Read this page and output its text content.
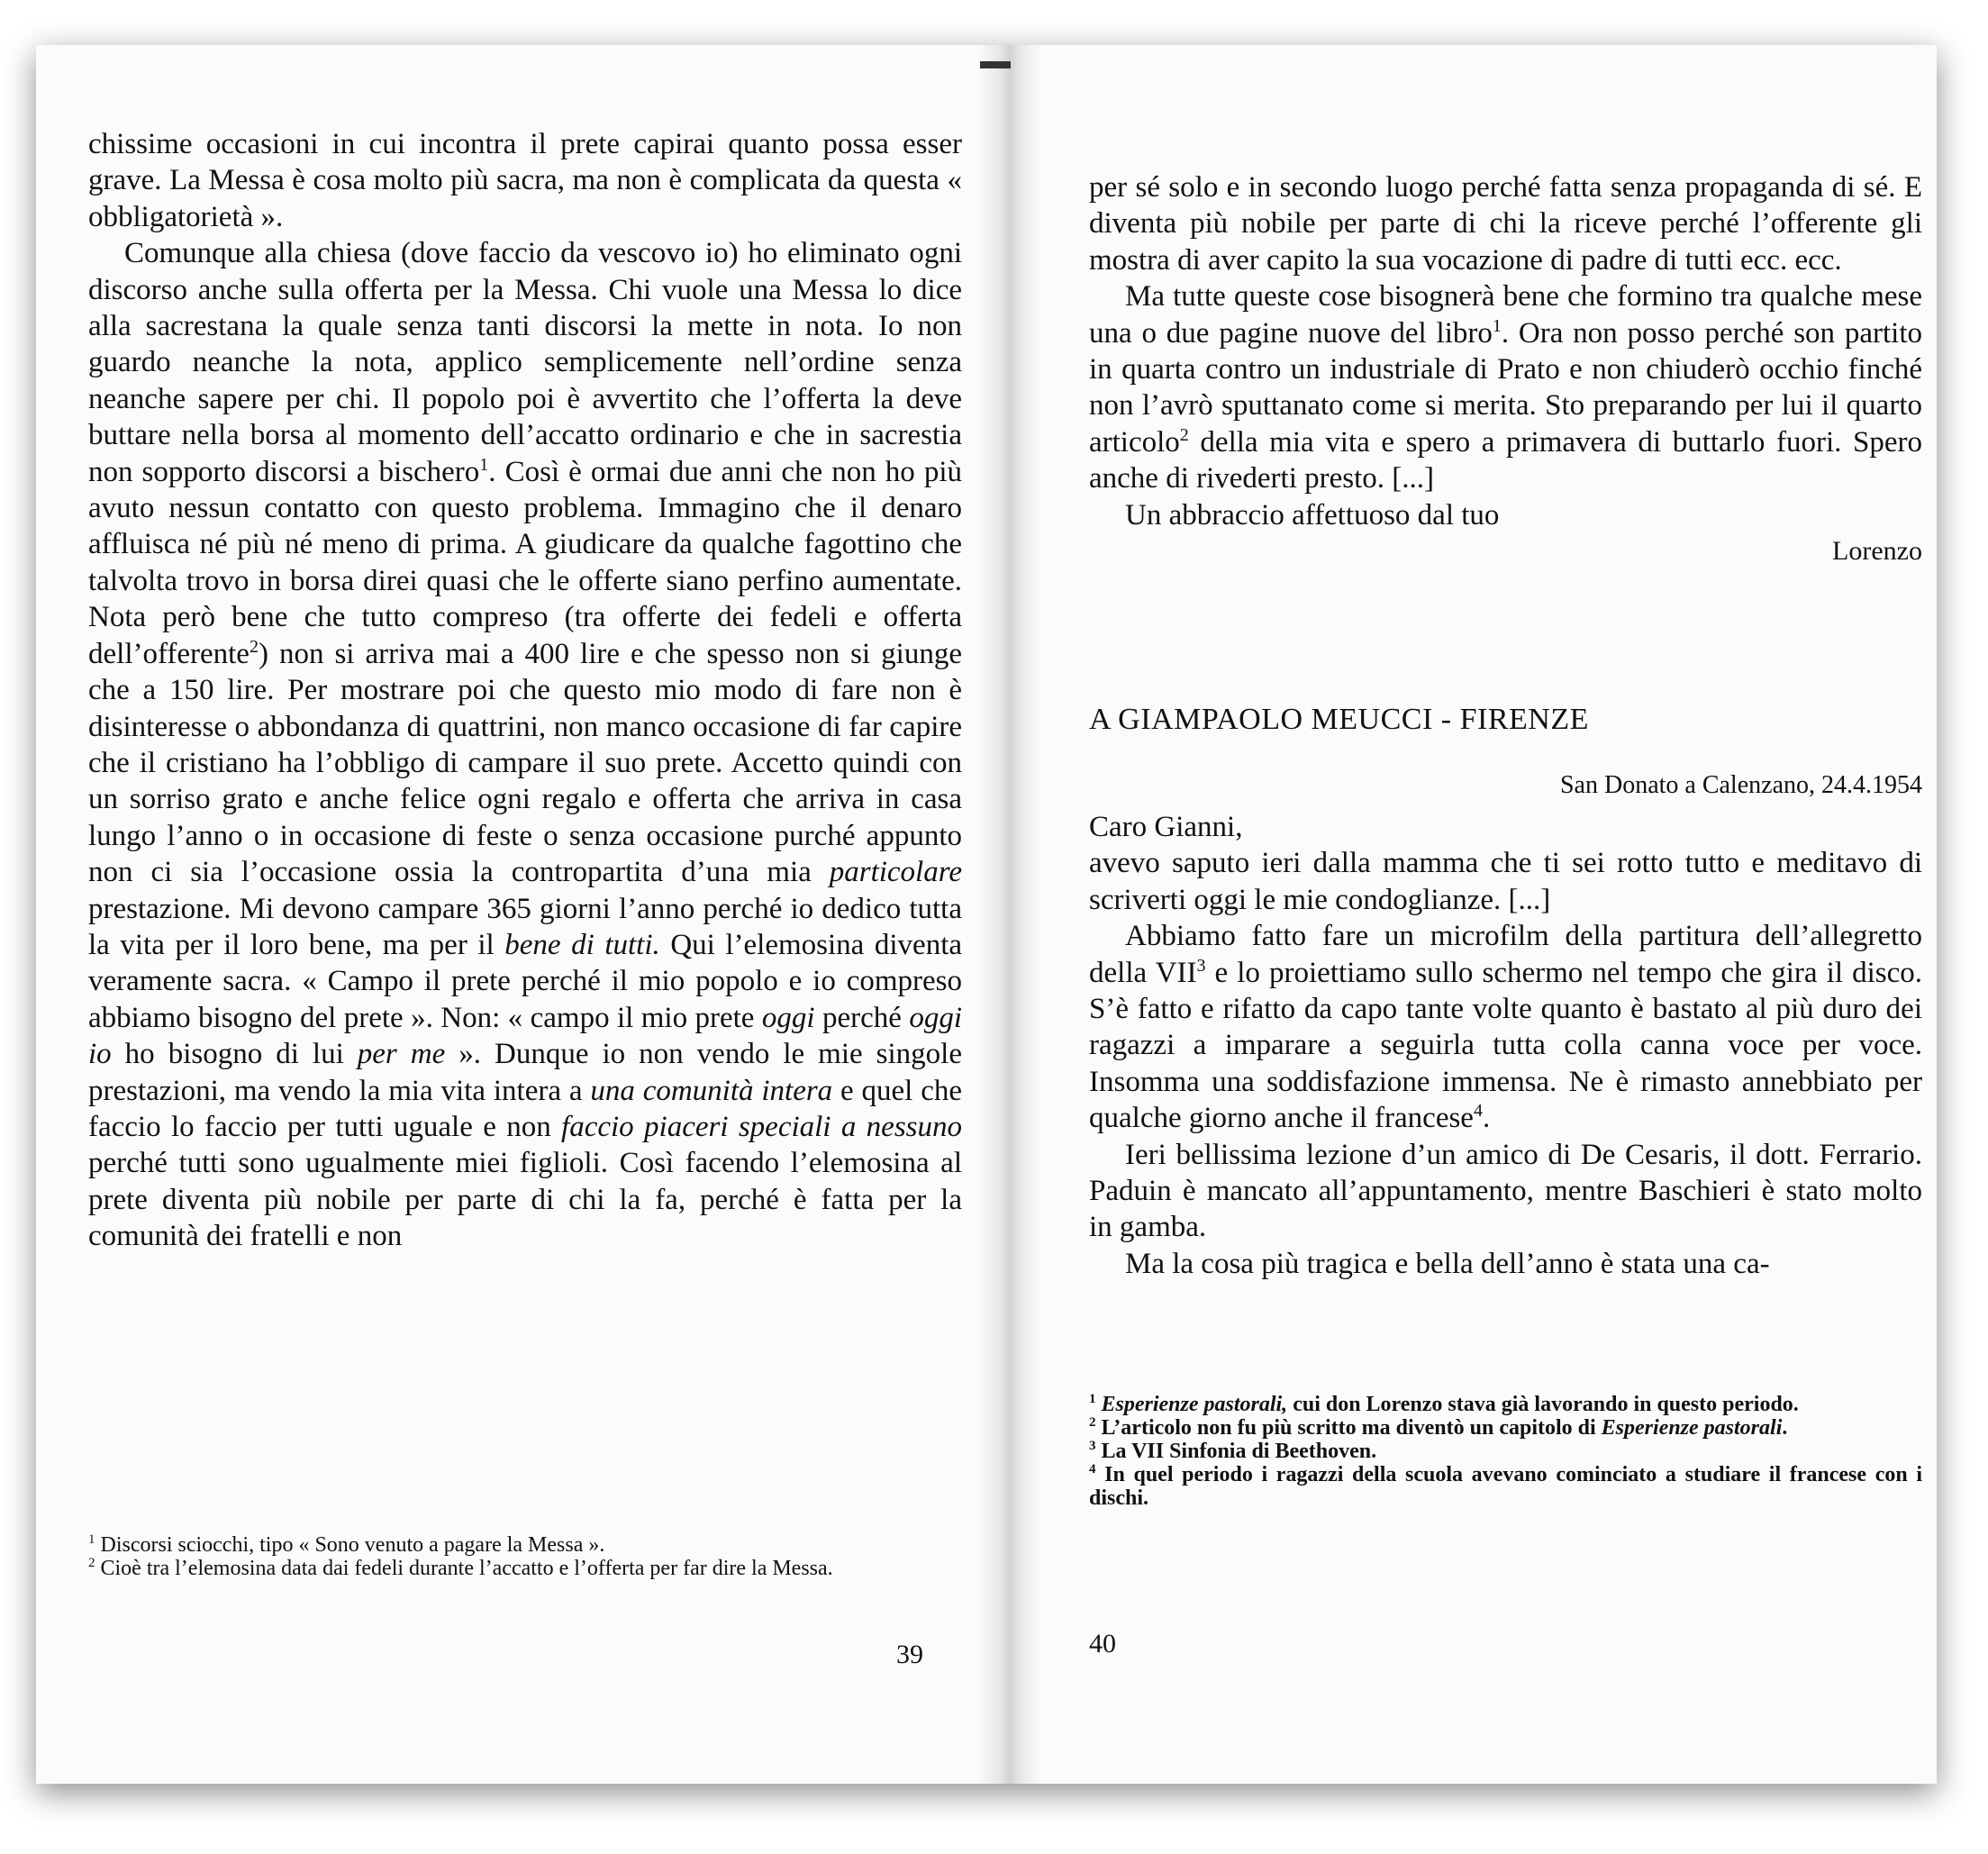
chissime occasioni in cui incontra il prete capirai quanto possa esser grave. La Messa è cosa molto più sacra, ma non è complicata da questa « obbligatorietà ».

Comunque alla chiesa (dove faccio da vescovo io) ho eliminato ogni discorso anche sulla offerta per la Messa. Chi vuole una Messa lo dice alla sacrestana la quale senza tanti discorsi la mette in nota. Io non guardo neanche la nota, applico semplicemente nell’ordine senza neanche sapere per chi. Il popolo poi è avvertito che l’offerta la deve buttare nella borsa al momento dell’accatto ordinario e che in sacrestia non sopporto discorsi a bischero$^1$. Così è ormai due anni che non ho più avuto nessun contatto con questo problema. Immagino che il denaro affluisca né più né meno di prima. A giudicare da qualche fagottino che talvolta trovo in borsa direi quasi che le offerte siano perfino aumentate. Nota però bene che tutto compreso (tra offerte dei fedeli e offerta dell’offerente$^2$) non si arriva mai a 400 lire e che spesso non si giunge che a 150 lire. Per mostrare poi che questo mio modo di fare non è disinteresse o abbondanza di quattrini, non manco occasione di far capire che il cristiano ha l’obbligo di campare il suo prete. Accetto quindi con un sorriso grato e anche felice ogni regalo e offerta che arriva in casa lungo l’anno o in occasione di feste o senza occasione purché appunto non ci sia l’occasione ossia la contropartita d’una mia particolare prestazione. Mi devono campare 365 giorni l’anno perché io dedico tutta la vita per il loro bene, ma per il bene di tutti. Qui l’elemosina diventa veramente sacra. « Campo il prete perché il mio popolo e io compreso abbiamo bisogno del prete ». Non: « campo il mio prete oggi perché oggi io ho bisogno di lui per me ». Dunque io non vendo le mie singole prestazioni, ma vendo la mia vita intera a una comunità intera e quel che faccio lo faccio per tutti uguale e non faccio piaceri speciali a nessuno perché tutti sono ugualmente miei figlioli. Così facendo l’elemosina al prete diventa più nobile per parte di chi la fa, perché è fatta per la comunità dei fratelli e non

$^1$ Discorsi sciocchi, tipo « Sono venuto a pagare la Messa ».

$^2$ Cioè tra l’elemosina data dai fedeli durante l’accatto e l’offerta per far dire la Messa.

39

per sé solo e in secondo luogo perché fatta senza propaganda di sé. E diventa più nobile per parte di chi la riceve perché l’offerente gli mostra di aver capito la sua vocazione di padre di tutti ecc. ecc.

Ma tutte queste cose bisognerà bene che formino tra qualche mese una o due pagine nuove del libro$^1$. Ora non posso perché son partito in quarta contro un industriale di Prato e non chiuderò occhio finché non l’avrò sputtanato come si merita. Sto preparando per lui il quarto articolo$^2$ della mia vita e spero a primavera di buttarlo fuori. Spero anche di rivederti presto. [...]

Un abbraccio affettuoso dal tuo

Lorenzo

A GIAMPAOLO MEUCCI - FIRENZE
San Donato a Calenzano, 24.4.1954

Caro Gianni,

avevo saputo ieri dalla mamma che ti sei rotto tutto e meditavo di scriverti oggi le mie condoglianze. [...]

Abbiamo fatto fare un microfilm della partitura dell’allegretto della VII$^3$ e lo proiettiamo sullo schermo nel tempo che gira il disco. S’è fatto e rifatto da capo tante volte quanto è bastato al più duro dei ragazzi a imparare a seguirla tutta colla canna voce per voce. Insomma una soddisfazione immensa. Ne è rimasto annebbiato per qualche giorno anche il francese$^4$.

Ieri bellissima lezione d’un amico di De Cesaris, il dott. Ferrario. Paduin è mancato all’appuntamento, mentre Baschieri è stato molto in gamba.

Ma la cosa più tragica e bella dell’anno è stata una ca-

$^1$ Esperienze pastorali, cui don Lorenzo stava già lavorando in questo periodo.

$^2$ L’articolo non fu più scritto ma diventò un capitolo di Esperienze pastorali.

$^3$ La VII Sinfonia di Beethoven.

$^4$ In quel periodo i ragazzi della scuola avevano cominciato a studiare il francese con i dischi.

40
